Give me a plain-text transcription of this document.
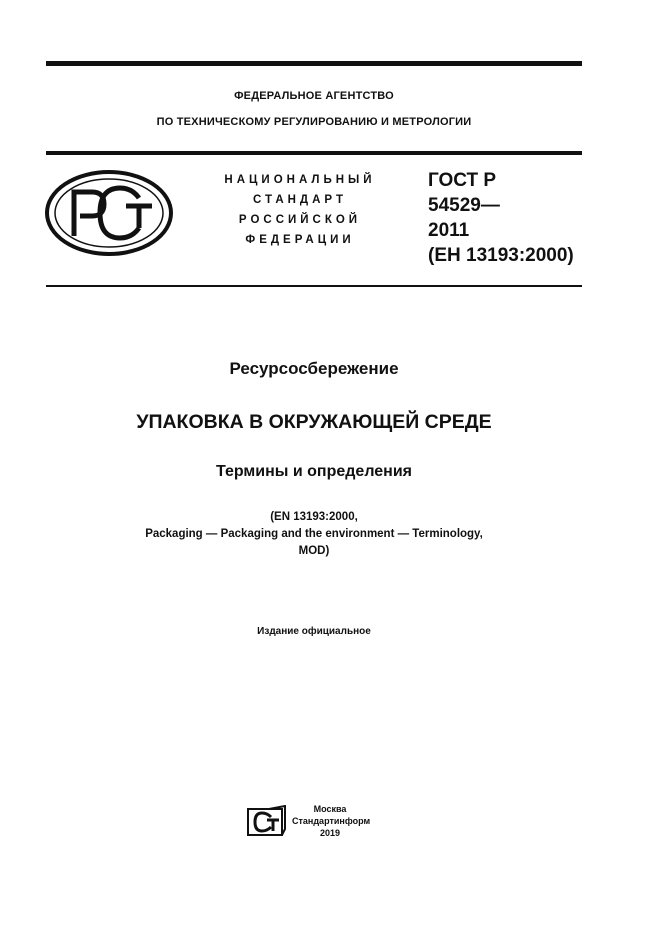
ФЕДЕРАЛЬНОЕ АГЕНТСТВО
ПО ТЕХНИЧЕСКОМУ РЕГУЛИРОВАНИЮ И МЕТРОЛОГИИ
НАЦИОНАЛЬНЫЙ
СТАНДАРТ
РОССИЙСКОЙ
ФЕДЕРАЦИИ
ГОСТ Р
54529—
2011
(ЕН 13193:2000)
Ресурсосбережение
УПАКОВКА В ОКРУЖАЮЩЕЙ СРЕДЕ
Термины и определения
(EN 13193:2000,
Packaging — Packaging and the environment — Terminology,
MOD)
Издание официальное
Москва
Стандартинформ
2019
